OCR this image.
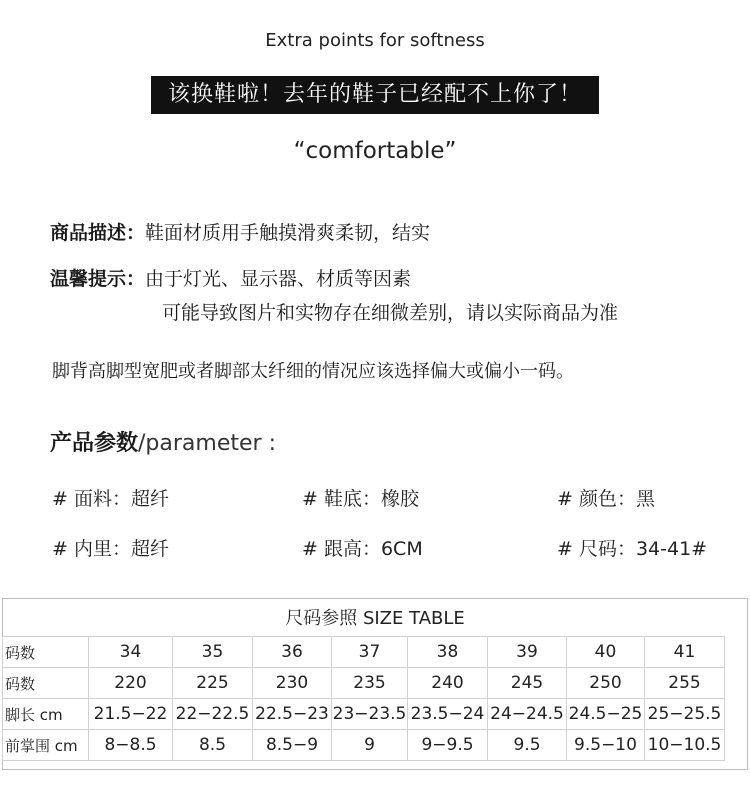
Extra points for softness
该换鞋啦！去年的鞋子已经配不上你了！
“comfortable”
商品描述：鞋面材质用手触摸滑爽柔韧，结实
温馨提示：由于灯光、显示器、材质等因素
可能导致图片和实物存在细微差别，请以实际商品为准
脚背高脚型宽肥或者脚部太纤细的情况应该选择偏大或偏小一码。
产品参数/parameter :
# 面料：超纤	# 鞋底：橡胶	# 颜色：黑
# 内里：超纤	# 跟高：6CM	# 尺码：34-41#
尺码参照 SIZE TABLE
码数	34	35	36	37	38	39	40	41
码数	220	225	230	235	240	245	250	255
脚长 cm	21.5−22	22−22.5	22.5−23	23−23.5	23.5−24	24−24.5	24.5−25	25−25.5
前掌围 cm	8−8.5	8.5	8.5−9	9	9−9.5	9.5	9.5−10	10−10.5
